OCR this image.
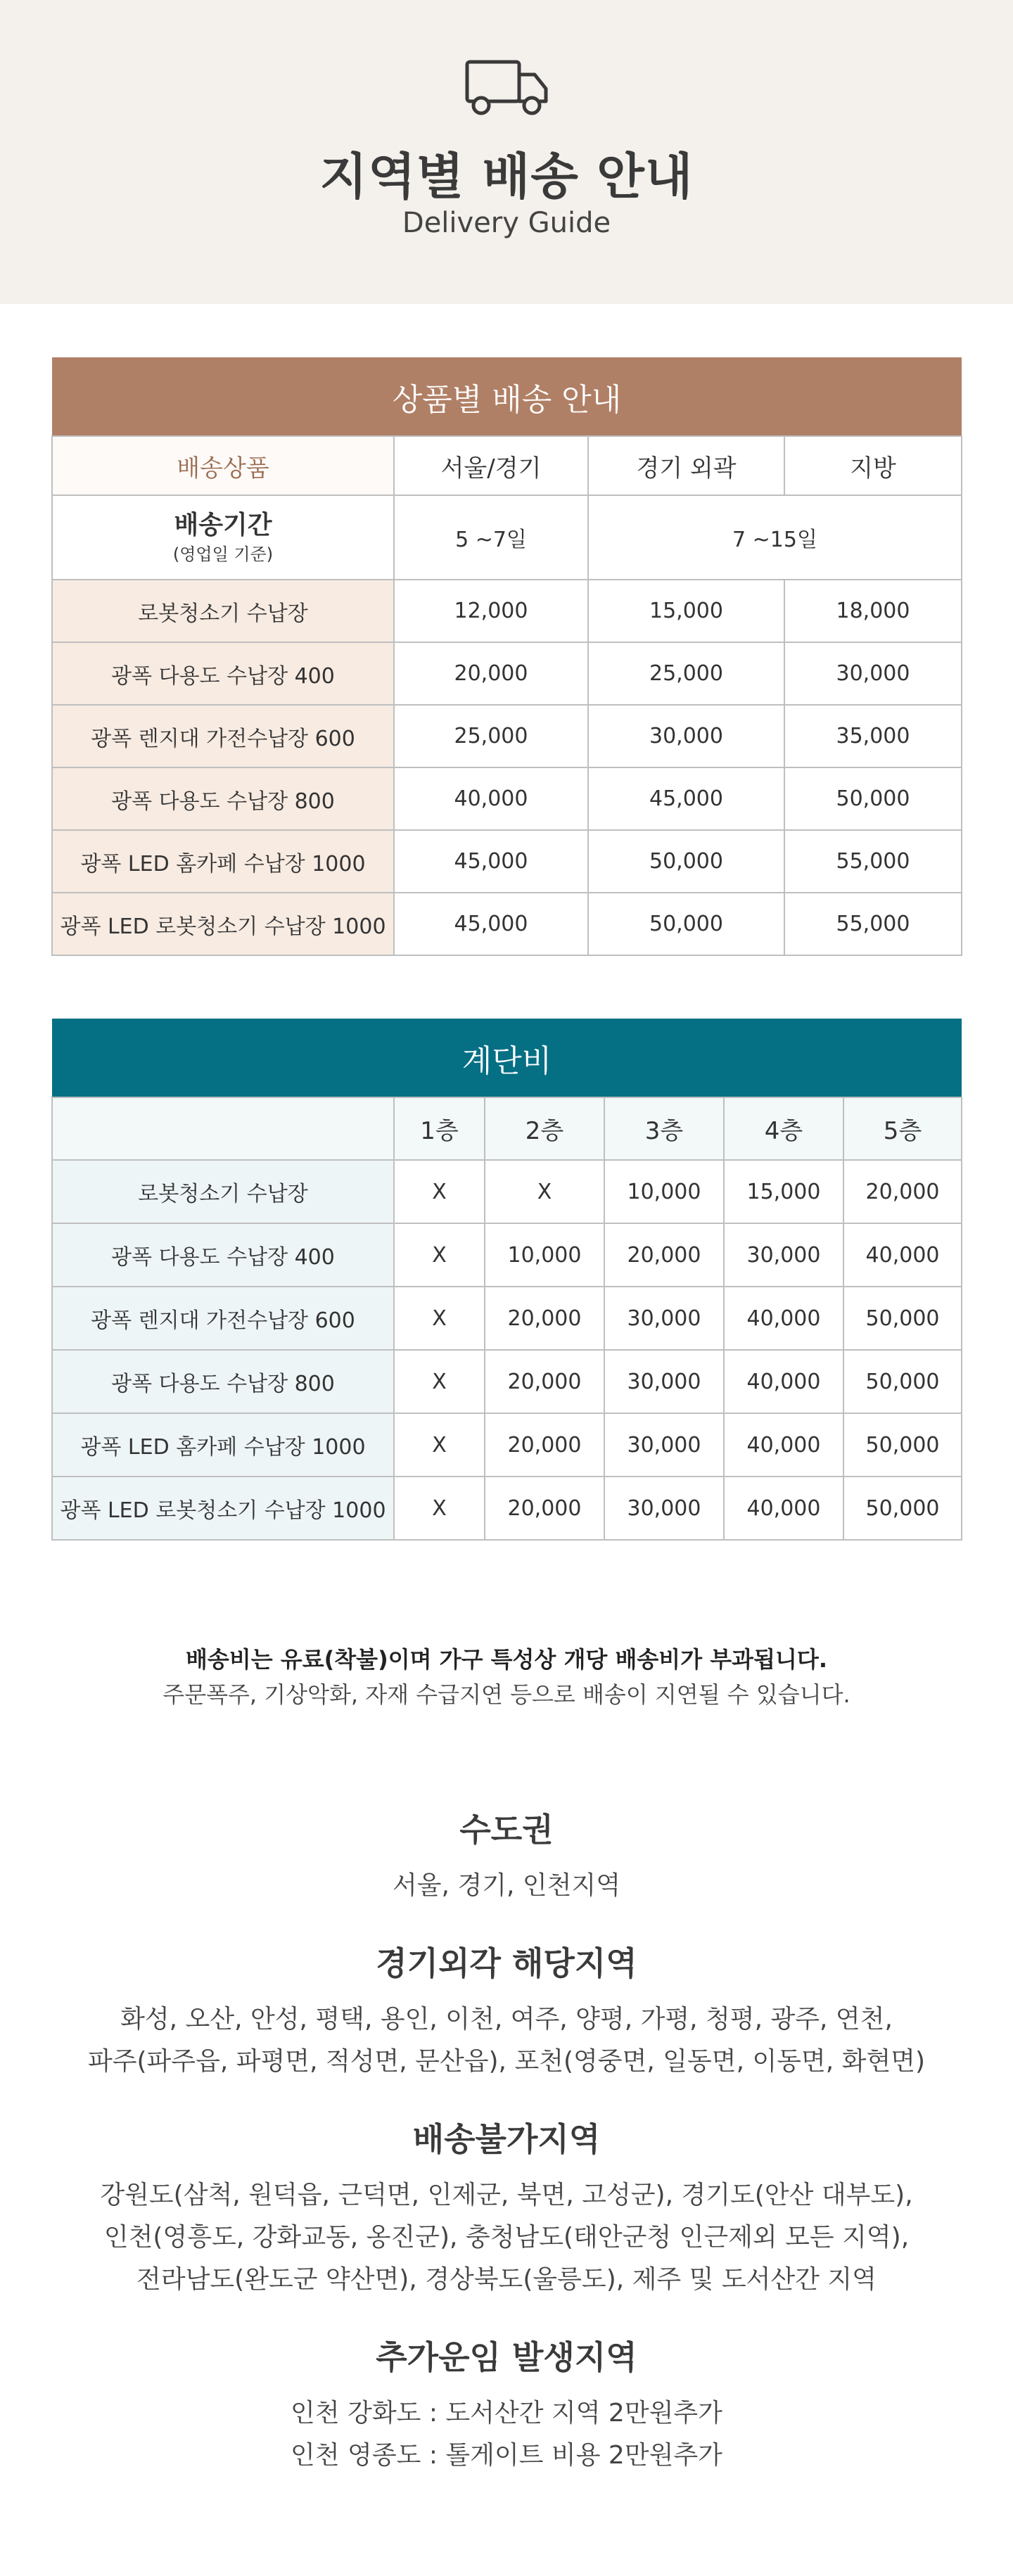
지역별 배송 안내
Delivery Guide
상품별 배송 안내			
배송상품	서울/경기	경기 외곽	지방
배송기간
(영업일 기준)	5 ~7일	7 ~15일	
로봇청소기 수납장	12,000	15,000	18,000
광폭 다용도 수납장 400	20,000	25,000	30,000
광폭 렌지대 가전수납장 600	25,000	30,000	35,000
광폭 다용도 수납장 800	40,000	45,000	50,000
광폭 LED 홈카페 수납장 1000	45,000	50,000	55,000
광폭 LED 로봇청소기 수납장 1000	45,000	50,000	55,000
계단비					
	1층	2층	3층	4층	5층
로봇청소기 수납장	X	X	10,000	15,000	20,000
광폭 다용도 수납장 400	X	10,000	20,000	30,000	40,000
광폭 렌지대 가전수납장 600	X	20,000	30,000	40,000	50,000
광폭 다용도 수납장 800	X	20,000	30,000	40,000	50,000
광폭 LED 홈카페 수납장 1000	X	20,000	30,000	40,000	50,000
광폭 LED 로봇청소기 수납장 1000	X	20,000	30,000	40,000	50,000
배송비는 유료(착불)이며 가구 특성상 개당 배송비가 부과됩니다.
주문폭주, 기상악화, 자재 수급지연 등으로 배송이 지연될 수 있습니다.
수도권

서울, 경기, 인천지역

경기외각 해당지역

화성, 오산, 안성, 평택, 용인, 이천, 여주, 양평, 가평, 청평, 광주, 연천,

파주(파주읍, 파평면, 적성면, 문산읍), 포천(영중면, 일동면, 이동면, 화현면)

배송불가지역

강원도(삼척, 원덕읍, 근덕면, 인제군, 북면, 고성군), 경기도(안산 대부도),

인천(영흥도, 강화교동, 옹진군), 충청남도(태안군청 인근제외 모든 지역),

전라남도(완도군 약산면), 경상북도(울릉도), 제주 및 도서산간 지역

추가운임 발생지역

인천 강화도 : 도서산간 지역 2만원추가

인천 영종도 : 톨게이트 비용 2만원추가
